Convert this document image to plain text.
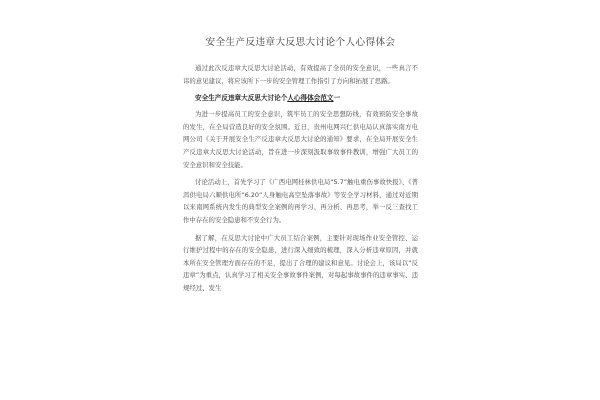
安全生产反违章大反思大讨论个人心得体会

通过此次反违章大反思大讨论活动，有效提高了全员的安全意识，一些真言不讳的意见建议，将应该所下一步的安全管理工作指引了方向和拓展了思路。

安全生产反违章大反思大讨论个人心得体会范文一

为进一步提高员工的安全意识，筑牢员工的安全思想防线，有效预防安全事故的发生，在全局营造良好的安全氛围。近日，贵州电网兴仁供电局认真落实南方电网公司《关于开展安全生产反违章大反思大讨论的通知》要求，在全局开展安全生产反违章大反思大讨论活动，旨在进一步深刻汲取事故事件教训，增强广大员工的安全意识和安全技能。

讨论活动上，首先学习了《广西电网桂林供电局“5.7”触电重伤事故快报》、《普洱供电局六顺供电所“6.20”人身触电高空坠落事故》等安全学习材料，通过对近期以来南网系统内发生的典型安全案例的再学习、再分析、再思考，举一反三查找工作中存在的安全隐患和不安全行为。

据了解，在反思大讨论中广大员工结合案例，主要针对现场作业安全管控、运行维护过程中的存在的安全隐患，进行深入细致的梳理，深入分析违章原因，并就本所在安全管理方面存在的不足，提出了合理的建议和意见。讨论会上，该局以“反违章”为重点，认真学习了相关安全事故事件案例，对每起事故事件的违章事实、违规经过、发生
